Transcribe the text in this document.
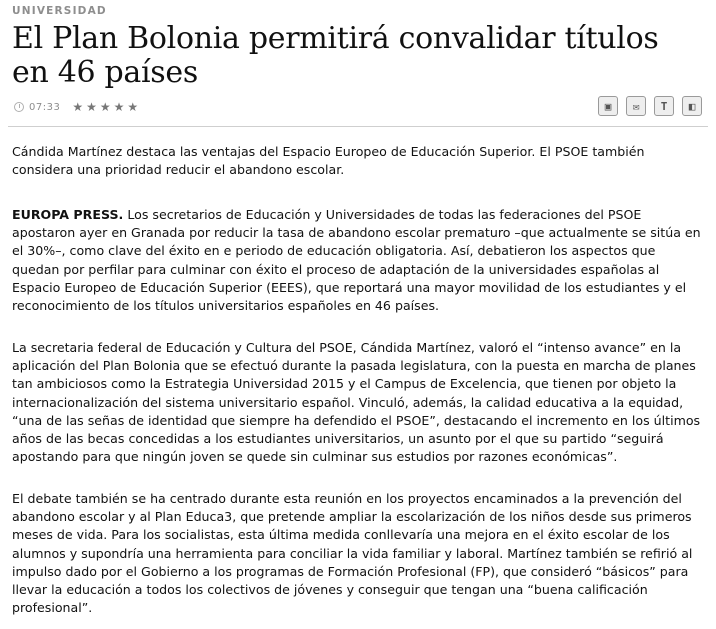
UNIVERSIDAD
El Plan Bolonia permitirá convalidar títulos en 46 países
07:33 ★ ★ ★ ★ ★	▣	✉	T	◧

Cándida Martínez destaca las ventajas del Espacio Europeo de Educación Superior. El PSOE también considera una prioridad reducir el abandono escolar.

EUROPA PRESS. Los secretarios de Educación y Universidades de todas las federaciones del PSOE apostaron ayer en Granada por reducir la tasa de abandono escolar prematuro –que actualmente se sitúa en el 30%–, como clave del éxito en e periodo de educación obligatoria. Así, debatieron los aspectos que quedan por perfilar para culminar con éxito el proceso de adaptación de la universidades españolas al Espacio Europeo de Educación Superior (EEES), que reportará una mayor movilidad de los estudiantes y el reconocimiento de los títulos universitarios españoles en 46 países.

La secretaria federal de Educación y Cultura del PSOE, Cándida Martínez, valoró el “intenso avance” en la aplicación del Plan Bolonia que se efectuó durante la pasada legislatura, con la puesta en marcha de planes tan ambiciosos como la Estrategia Universidad 2015 y el Campus de Excelencia, que tienen por objeto la internacionalización del sistema universitario español. Vinculó, además, la calidad educativa a la equidad, “una de las señas de identidad que siempre ha defendido el PSOE”, destacando el incremento en los últimos años de las becas concedidas a los estudiantes universitarios, un asunto por el que su partido “seguirá apostando para que ningún joven se quede sin culminar sus estudios por razones económicas”.

El debate también se ha centrado durante esta reunión en los proyectos encaminados a la prevención del abandono escolar y al Plan Educa3, que pretende ampliar la escolarización de los niños desde sus primeros meses de vida. Para los socialistas, esta última medida conllevaría una mejora en el éxito escolar de los alumnos y supondría una herramienta para conciliar la vida familiar y laboral. Martínez también se refirió al impulso dado por el Gobierno a los programas de Formación Profesional (FP), que consideró “básicos” para llevar la educación a todos los colectivos de jóvenes y conseguir que tengan una “buena calificación profesional”.
